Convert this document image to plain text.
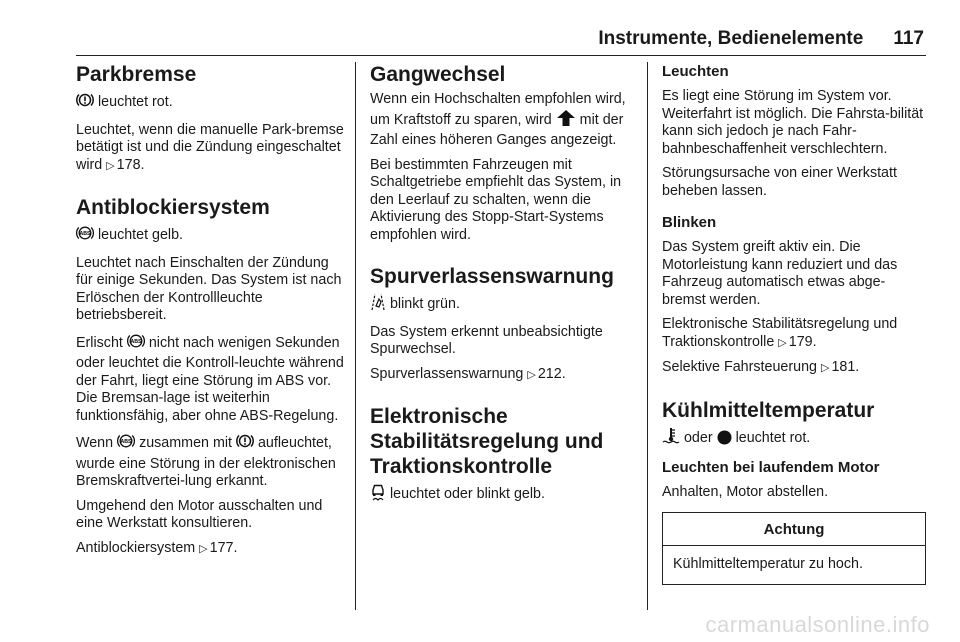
Instrumente, Bedienelemente 117
Parkbremse

leuchtet rot.

Leuchtet, wenn die manuelle Park-bremse betätigt ist und die Zündung eingeschaltet wird ▷ 178.

Antiblockiersystem

ABS leuchtet gelb.

Leuchtet nach Einschalten der Zündung für einige Sekunden. Das System ist nach Erlöschen der Kontrollleuchte betriebsbereit.

Erlischt ABS nicht nach wenigen Sekunden oder leuchtet die Kontroll-leuchte während der Fahrt, liegt eine Störung im ABS vor. Die Bremsan-lage ist weiterhin funktionsfähig, aber ohne ABS-Regelung.

Wenn ABS zusammen mit aufleuchtet, wurde eine Störung in der elektronischen Bremskraftvertei-lung erkannt.

Umgehend den Motor ausschalten und eine Werkstatt konsultieren.

Antiblockiersystem ▷ 177.

Gangwechsel

Wenn ein Hochschalten empfohlen wird, um Kraftstoff zu sparen, wird mit der Zahl eines höheren Ganges angezeigt.

Bei bestimmten Fahrzeugen mit Schaltgetriebe empfiehlt das System, in den Leerlauf zu schalten, wenn die Aktivierung des Stopp-Start-Systems empfohlen wird.

Spurverlassenswarnung

blinkt grün.

Das System erkennt unbeabsichtigte Spurwechsel.

Spurverlassenswarnung ▷ 212.

Elektronische
Stabilitätsregelung und
Traktionskontrolle

leuchtet oder blinkt gelb.

Leuchten

Es liegt eine Störung im System vor. Weiterfahrt ist möglich. Die Fahrsta-bilität kann sich jedoch je nach Fahr-bahnbeschaffenheit verschlechtern.

Störungsursache von einer Werkstatt beheben lassen.

Blinken

Das System greift aktiv ein. Die Motorleistung kann reduziert und das Fahrzeug automatisch etwas abge-bremst werden.

Elektronische Stabilitätsregelung und Traktionskontrolle ▷ 179.

Selektive Fahrsteuerung ▷ 181.

Kühlmitteltemperatur

oder leuchtet rot.

Leuchten bei laufendem Motor

Anhalten, Motor abstellen.

Achtung
Kühlmitteltemperatur zu hoch.
carmanualsonline.info
